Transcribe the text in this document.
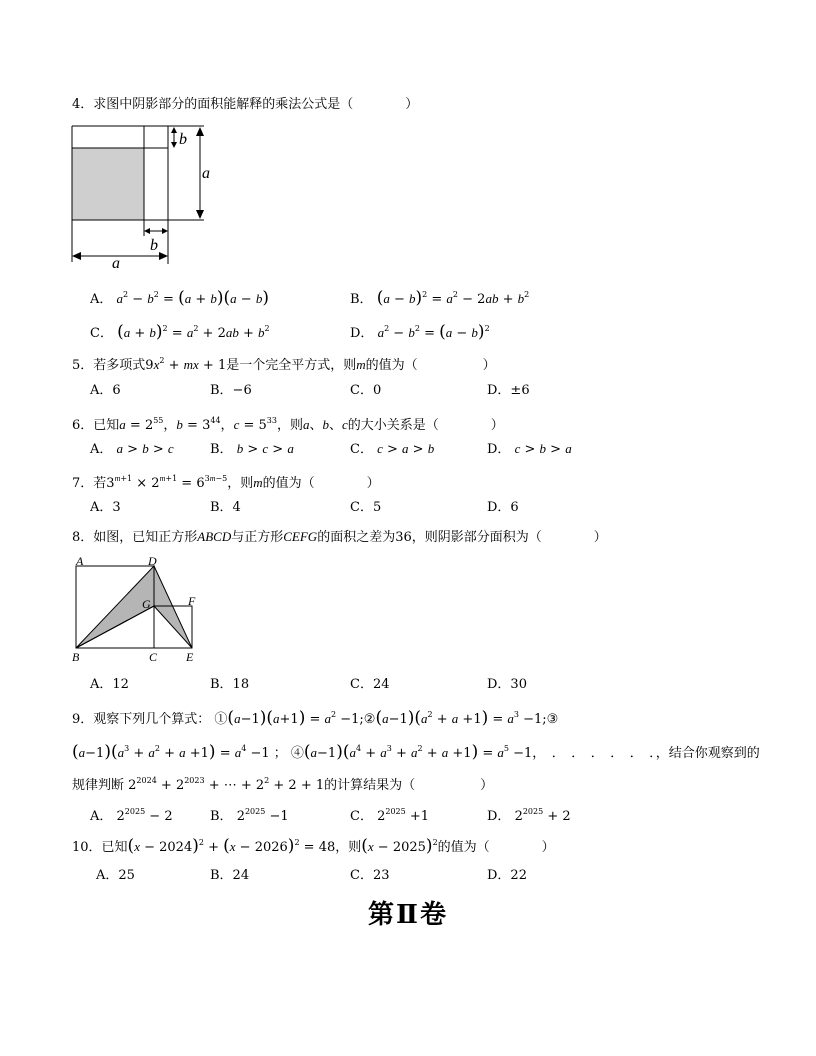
4．求图中阴影部分的面积能解释的乘法公式是（　　　　）
b
a
b
a
A． $a^2 - b^2 = (a + b)(a - b)$	B． $(a - b)^2 = a^2 - 2ab + b^2$
C． $(a + b)^2 = a^2 + 2ab + b^2$	D． $a^2 - b^2 = (a - b)^2$
5．若多项式$9x^2$ + mx + 1是一个完全平方式，则m的值为（　　　　　）
A．6	B．−6	C．0	D．±6
6．已知$a = 2^{55}$，$b = 3^{44}$，$c = 5^{33}$，则a、b、c的大小关系是（　　　　）
A． a > b > c	B． b > c > a	C． c > a > b	D． c > b > a
7．若$3^{m+1} \times 2^{m+1} = 6^{3m-5}$，则m的值为（　　　　）
A．3	B．4	C．5	D．6
8．如图，已知正方形ABCD与正方形CEFG的面积之差为36，则阴影部分面积为（　　　　）
A	D
G	F
B	C E
A．12	B．18	C．24	D．30
9．观察下列几个算式： ①(a−1)(a+1) = $a^2$ $-1;②(a-1)(a^2 + a +1) = a^3$ −1;③
$(a-1)(a^3 + a^2 + a +1) = a^4 -1$ ； $④(a-1)(a^4 + a^3 + a^2 + a +1) = a^5 -1$，　．　．　．　．　．　．，结合你观察到的
规律判断 $2^{2024} + 2^{2023}$ + ⋯ + $2^2 + 2 + 1$的计算结果为（　　　　　）
A． $2^{2025} - 2$	B． $2^{2025} -1$	C． $2^{2025} +1$	D． $2^{2025} + 2$
10．已知$(x - 2024)^2 + (x - 2026)^2 = 48$，则$(x - 2025)^2$的值为（　　　　）
A．25	B．24	C．23	D．22
第Ⅱ卷
